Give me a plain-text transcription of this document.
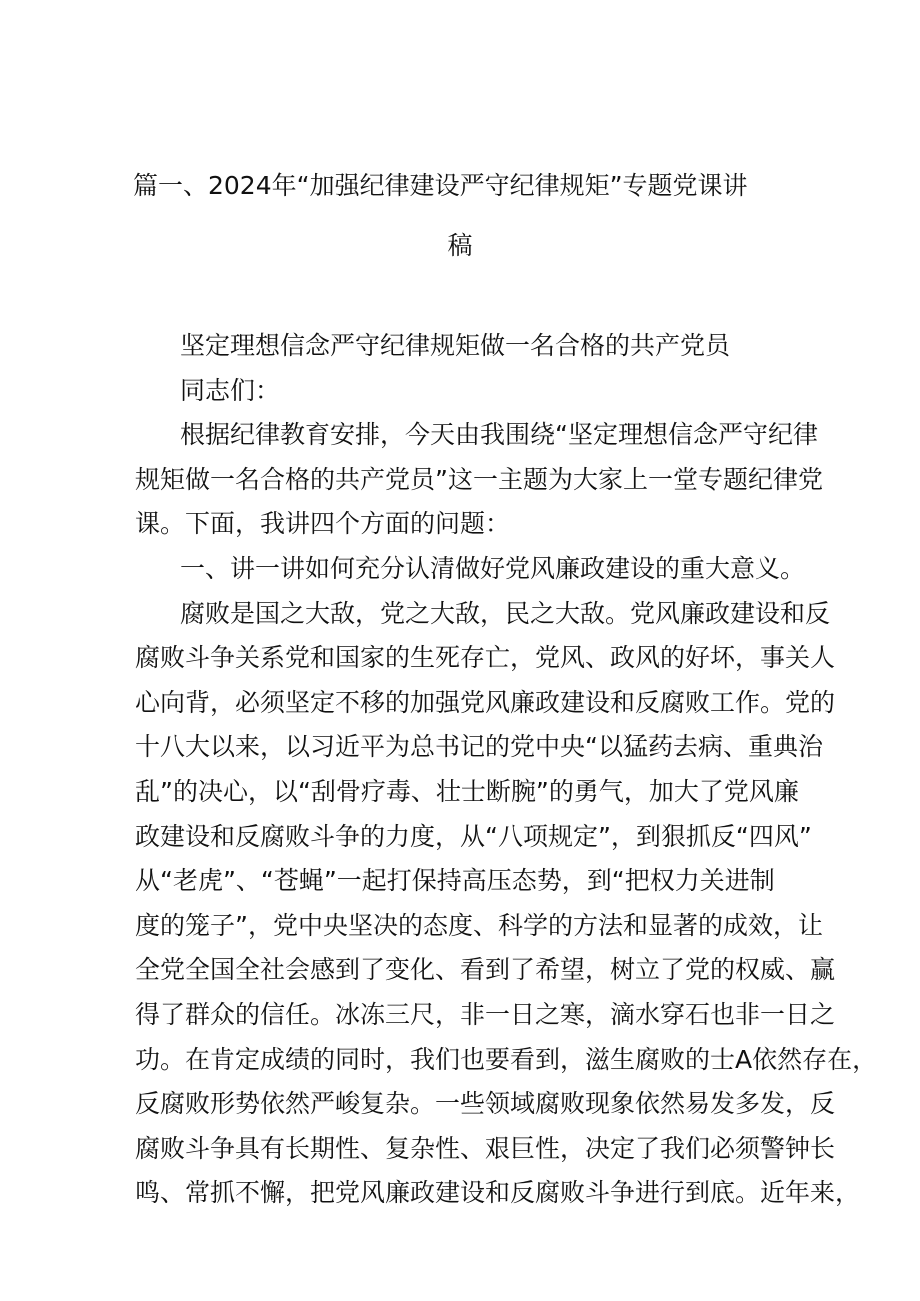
篇一、2024年“加强纪律建设严守纪律规矩”专题党课讲
稿
坚定理想信念严守纪律规矩做一名合格的共产党员
同志们：
根据纪律教育安排，今天由我围绕“坚定理想信念严守纪律
规矩做一名合格的共产党员”这一主题为大家上一堂专题纪律党
课。下面，我讲四个方面的问题：
一、讲一讲如何充分认清做好党风廉政建设的重大意义。
腐败是国之大敌，党之大敌，民之大敌。党风廉政建设和反
腐败斗争关系党和国家的生死存亡，党风、政风的好坏，事关人
心向背，必须坚定不移的加强党风廉政建设和反腐败工作。党的
十八大以来，以习近平为总书记的党中央“以猛药去病、重典治
乱”的决心，以“刮骨疗毒、壮士断腕”的勇气，加大了党风廉
政建设和反腐败斗争的力度，从“八项规定”，到狠抓反“四风”
从“老虎”、“苍蝇”一起打保持高压态势，到“把权力关进制
度的笼子”，党中央坚决的态度、科学的方法和显著的成效，让
全党全国全社会感到了变化、看到了希望，树立了党的权威、赢
得了群众的信任。冰冻三尺，非一日之寒，滴水穿石也非一日之
功。在肯定成绩的同时，我们也要看到，滋生腐败的士A依然存在，
反腐败形势依然严峻复杂。一些领域腐败现象依然易发多发，反
腐败斗争具有长期性、复杂性、艰巨性，决定了我们必须警钟长
鸣、常抓不懈，把党风廉政建设和反腐败斗争进行到底。近年来，
